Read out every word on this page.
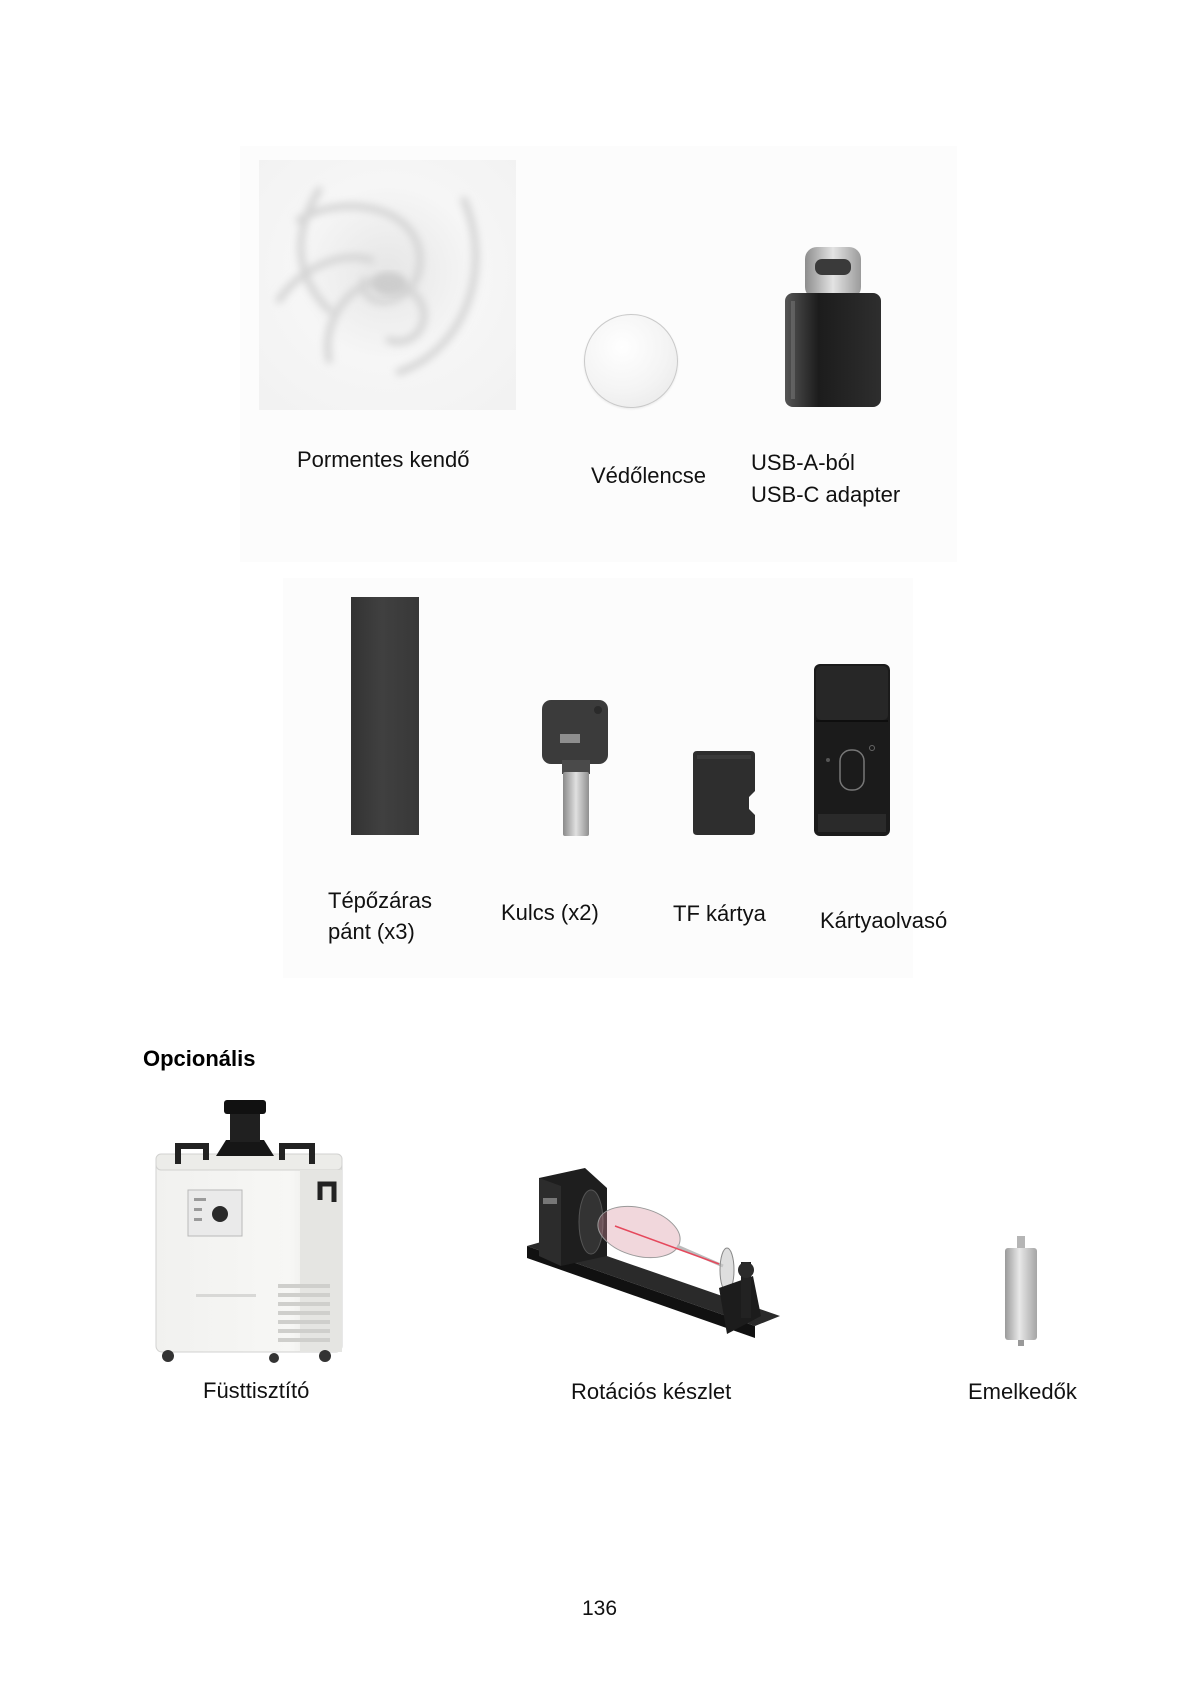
Pormentes kendő
Védőlencse
USB-A-ból
USB-C adapter
Tépőzáras
pánt (x3)
Kulcs (x2)	TF kártya Kártyaolvasó
Opcionális
Füsttisztító	Rotációs készlet	Emelkedők
136
